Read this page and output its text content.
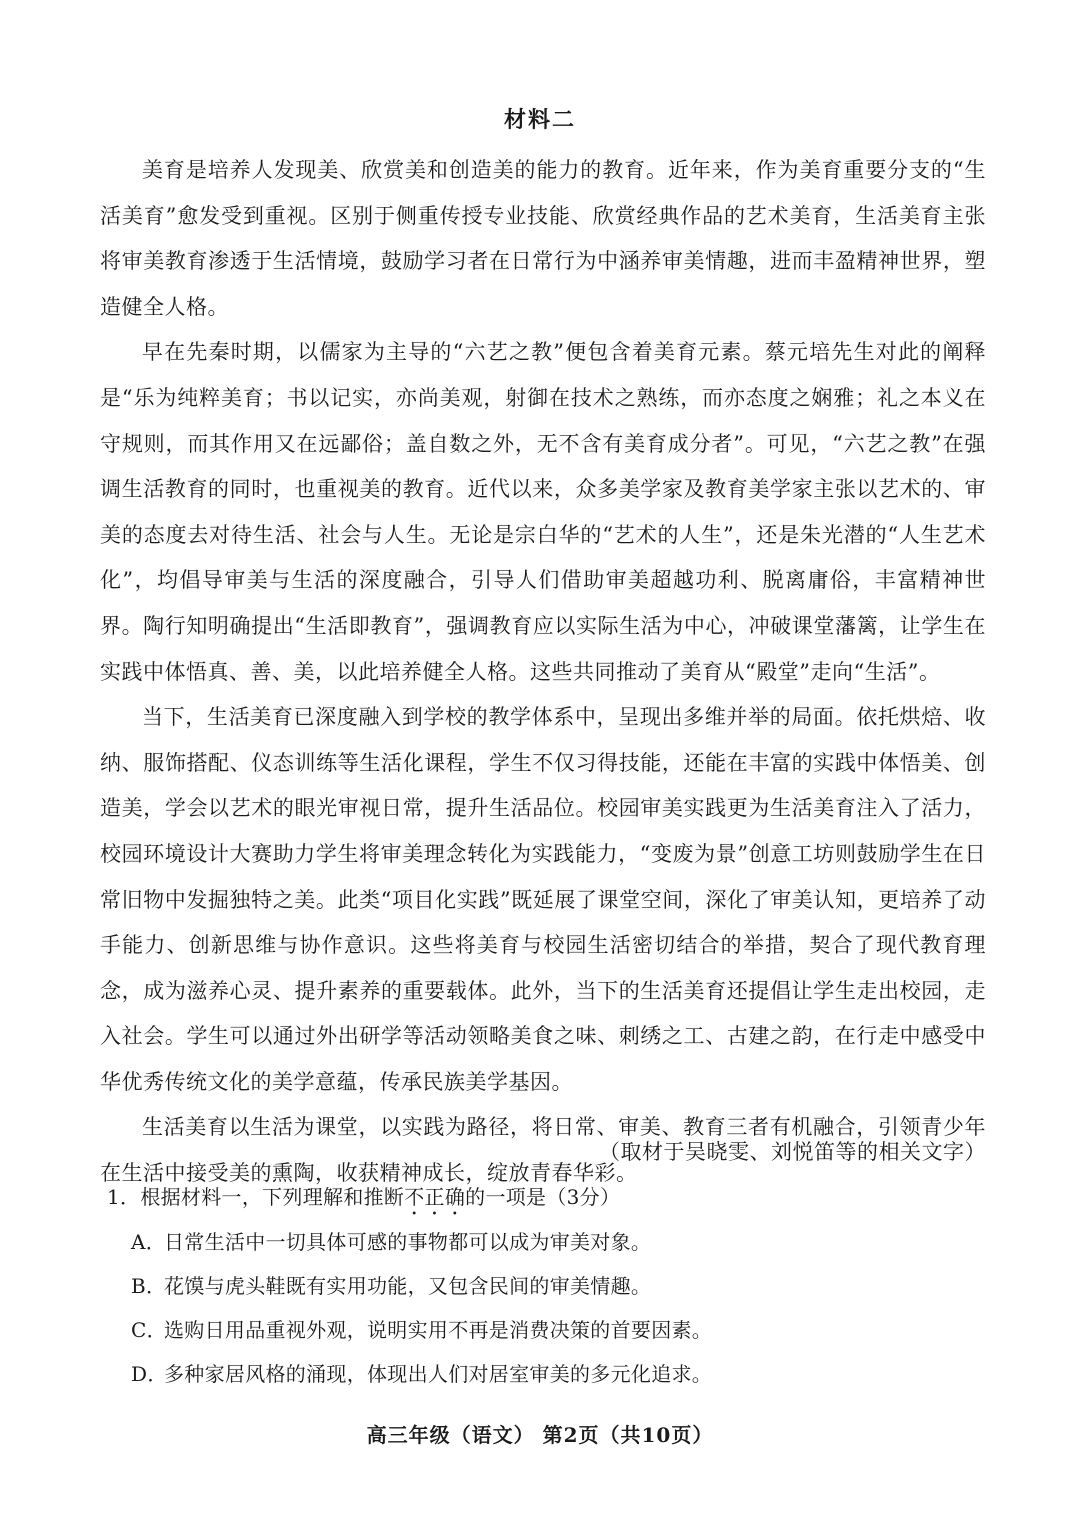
材料二

美育是培养人发现美、欣赏美和创造美的能力的教育。近年来，作为美育重要分支的“生活美育”愈发受到重视。区别于侧重传授专业技能、欣赏经典作品的艺术美育，生活美育主张将审美教育渗透于生活情境，鼓励学习者在日常行为中涵养审美情趣，进而丰盈精神世界，塑造健全人格。

早在先秦时期，以儒家为主导的“六艺之教”便包含着美育元素。蔡元培先生对此的阐释是“乐为纯粹美育；书以记实，亦尚美观，射御在技术之熟练，而亦态度之娴雅；礼之本义在守规则，而其作用又在远鄙俗；盖自数之外，无不含有美育成分者”。可见，“六艺之教”在强调生活教育的同时，也重视美的教育。近代以来，众多美学家及教育美学家主张以艺术的、审美的态度去对待生活、社会与人生。无论是宗白华的“艺术的人生”，还是朱光潜的“人生艺术化”，均倡导审美与生活的深度融合，引导人们借助审美超越功利、脱离庸俗，丰富精神世界。陶行知明确提出“生活即教育”，强调教育应以实际生活为中心，冲破课堂藩篱，让学生在实践中体悟真、善、美，以此培养健全人格。这些共同推动了美育从“殿堂”走向“生活”。

当下，生活美育已深度融入到学校的教学体系中，呈现出多维并举的局面。依托烘焙、收纳、服饰搭配、仪态训练等生活化课程，学生不仅习得技能，还能在丰富的实践中体悟美、创造美，学会以艺术的眼光审视日常，提升生活品位。校园审美实践更为生活美育注入了活力，校园环境设计大赛助力学生将审美理念转化为实践能力，“变废为景”创意工坊则鼓励学生在日常旧物中发掘独特之美。此类“项目化实践”既延展了课堂空间，深化了审美认知，更培养了动手能力、创新思维与协作意识。这些将美育与校园生活密切结合的举措，契合了现代教育理念，成为滋养心灵、提升素养的重要载体。此外，当下的生活美育还提倡让学生走出校园，走入社会。学生可以通过外出研学等活动领略美食之味、刺绣之工、古建之韵，在行走中感受中华优秀传统文化的美学意蕴，传承民族美学基因。

生活美育以生活为课堂，以实践为路径，将日常、审美、教育三者有机融合，引领青少年在生活中接受美的熏陶，收获精神成长，绽放青春华彩。

（取材于吴晓雯、刘悦笛等的相关文字）
1．根据材料一，下列理解和推断不正确的一项是（3分）
A．日常生活中一切具体可感的事物都可以成为审美对象。
B．花馍与虎头鞋既有实用功能，又包含民间的审美情趣。
C．选购日用品重视外观，说明实用不再是消费决策的首要因素。
D．多种家居风格的涌现，体现出人们对居室审美的多元化追求。
高三年级（语文） 第2页（共10页）
